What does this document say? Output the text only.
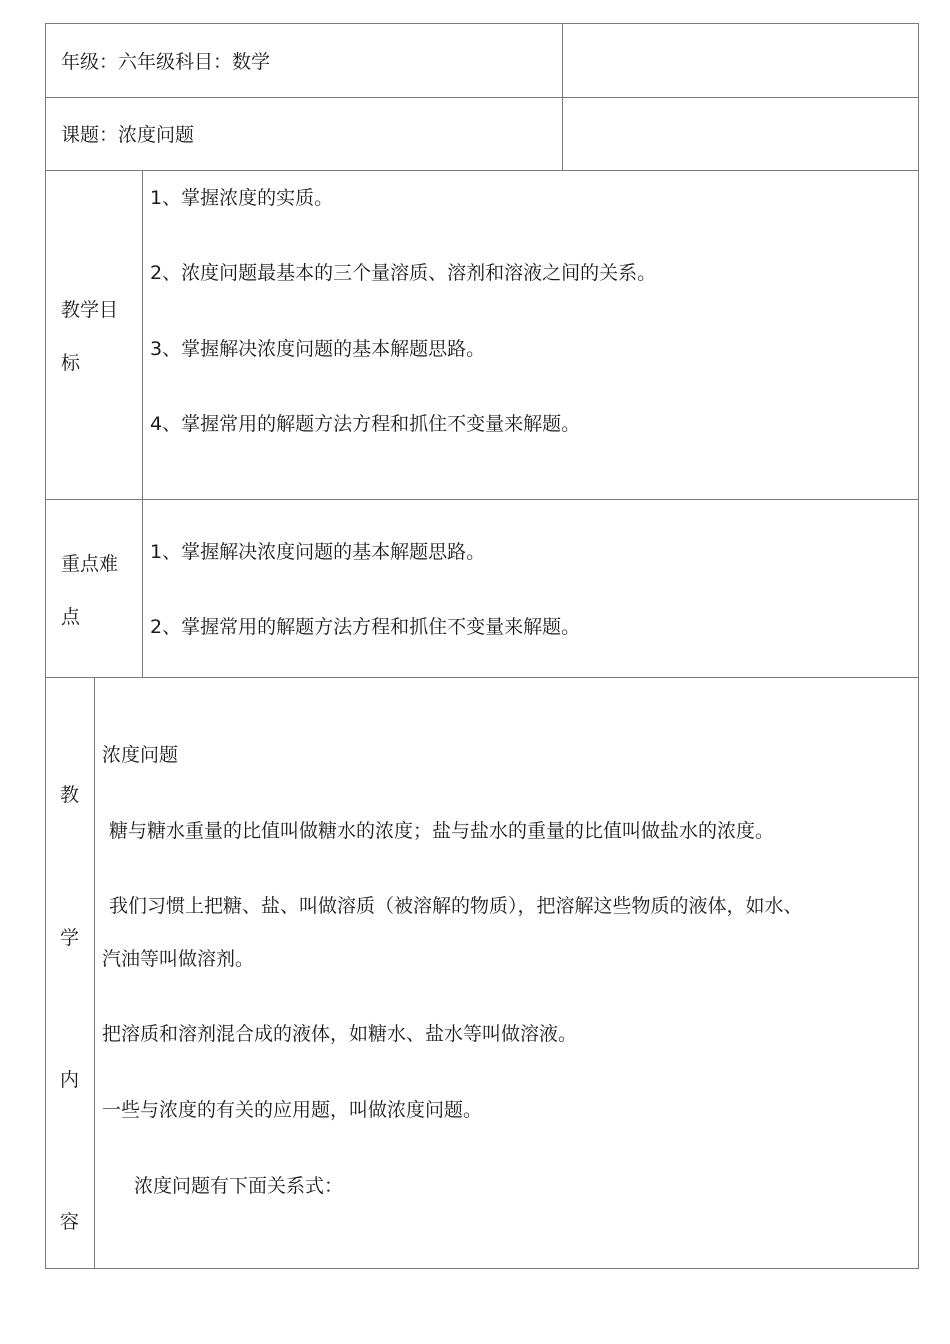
年级：六年级科目：数学
课题：浓度问题
教学目
标
1、掌握浓度的实质。
2、浓度问题最基本的三个量溶质、溶剂和溶液之间的关系。
3、掌握解决浓度问题的基本解题思路。
4、掌握常用的解题方法方程和抓住不变量来解题。
重点难
点
1、掌握解决浓度问题的基本解题思路。
2、掌握常用的解题方法方程和抓住不变量来解题。
教
学
内
容
浓度问题
糖与糖水重量的比值叫做糖水的浓度；盐与盐水的重量的比值叫做盐水的浓度。
我们习惯上把糖、盐、叫做溶质（被溶解的物质），把溶解这些物质的液体，如水、
汽油等叫做溶剂。
把溶质和溶剂混合成的液体，如糖水、盐水等叫做溶液。
一些与浓度的有关的应用题，叫做浓度问题。
浓度问题有下面关系式：
